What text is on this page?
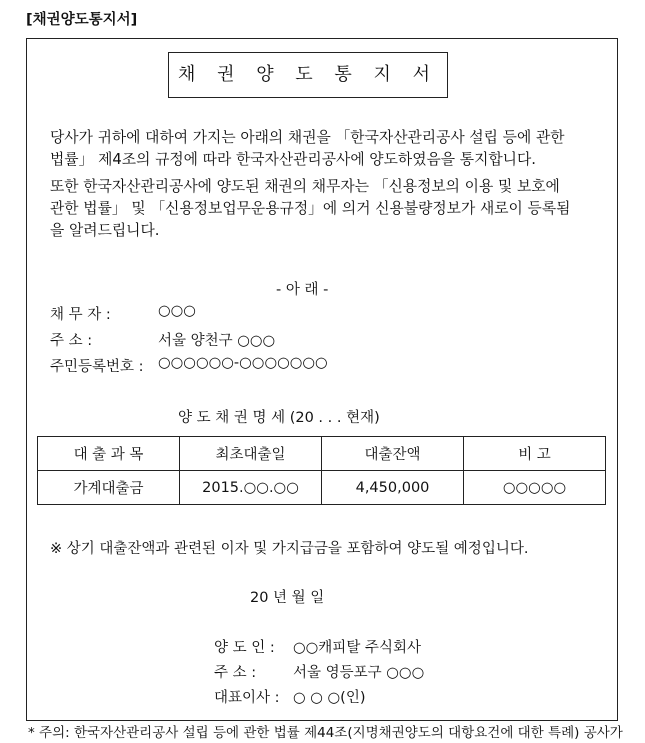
[채권양도통지서]
채 권 양 도 통 지 서
당사가 귀하에 대하여 가지는 아래의 채권을 「한국자산관리공사 설립 등에 관한
법률」 제4조의 규정에 따라 한국자산관리공사에 양도하였음을 통지합니다.
또한 한국자산관리공사에 양도된 채권의 채무자는 「신용정보의 이용 및 보호에
관한 법률」 및 「신용정보업무운용규정」에 의거 신용불량정보가 새로이 등록됨
을 알려드립니다.
- 아 래 -
채 무 자 :	○○○
주 소 :	서울 양천구 ○○○
주민등록번호 : ○○○○○○-○○○○○○○
양 도 채 권 명 세 (20 . . . 현재)
대 출 과 목	최초대출일	대출잔액	비 고
가계대출금	2015.○○.○○	4,450,000	○○○○○
※ 상기 대출잔액과 관련된 이자 및 가지급금을 포함하여 양도될 예정입니다.
20 년 월 일
양 도 인 : ○○캐피탈 주식회사
주 소 :	서울 영등포구 ○○○
대표이사 : ○ ○ ○(인)
* 주의: 한국자산관리공사 설립 등에 관한 법률 제44조(지명채권양도의 대항요건에 대한 특례) 공사가
